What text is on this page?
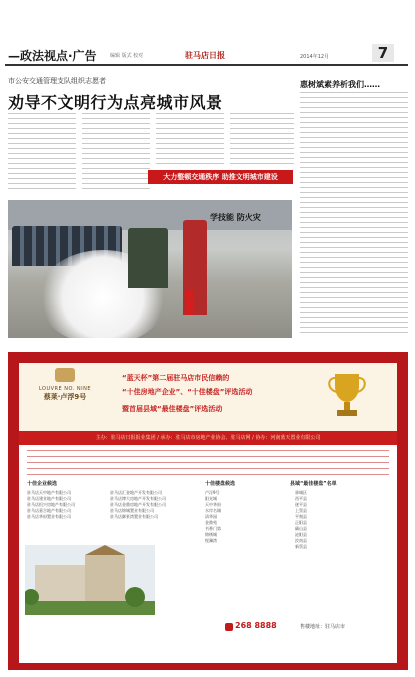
—政法视点·广告	编辑 版式 校对	驻马店日报	2014年12月	7
市公安交通管理支队组织志愿者
劝导不文明行为点亮城市风景
大力整顿交通秩序 助推文明城市建设
学技能 防火灾
惠树斌素养析我们……
LOUVRE NO. NINE
蔡莱·卢浮9号
“蓝天杯”第二届驻马店市民信赖的
“十佳房地产企业”、“十佳楼盘”评选活动
暨首届县域“最佳楼盘”评选活动
主办：驻马店日报报业集团 / 承办：驻马店市房地产业协会、驻马店网 / 协办：河南蓝天置业有限公司
十佳企业候选
驻马店天中地产有限公司
驻马店建业地产有限公司
驻马店恒兴房地产有限公司
驻马店嘉合地产有限公司
驻马店华府置业有限公司
驻马店汇金地产开发有限公司
驻马店博大房地产开发有限公司
驻马店金鼎房地产开发有限公司
驻马店锦城置业有限公司
驻马店御景湾置业有限公司
十佳楼盘候选
卢浮9号
阳光城
天中华府
水岸名城
清华园
金鼎苑
书香门第
锦绣城
悦澜湾
县域“最佳楼盘”名单
驿城区
西平县
遂平县
上蔡县
平舆县
正阳县
确山县
泌阳县
汝南县
新蔡县
268 8888	售楼地址：驻马店市
